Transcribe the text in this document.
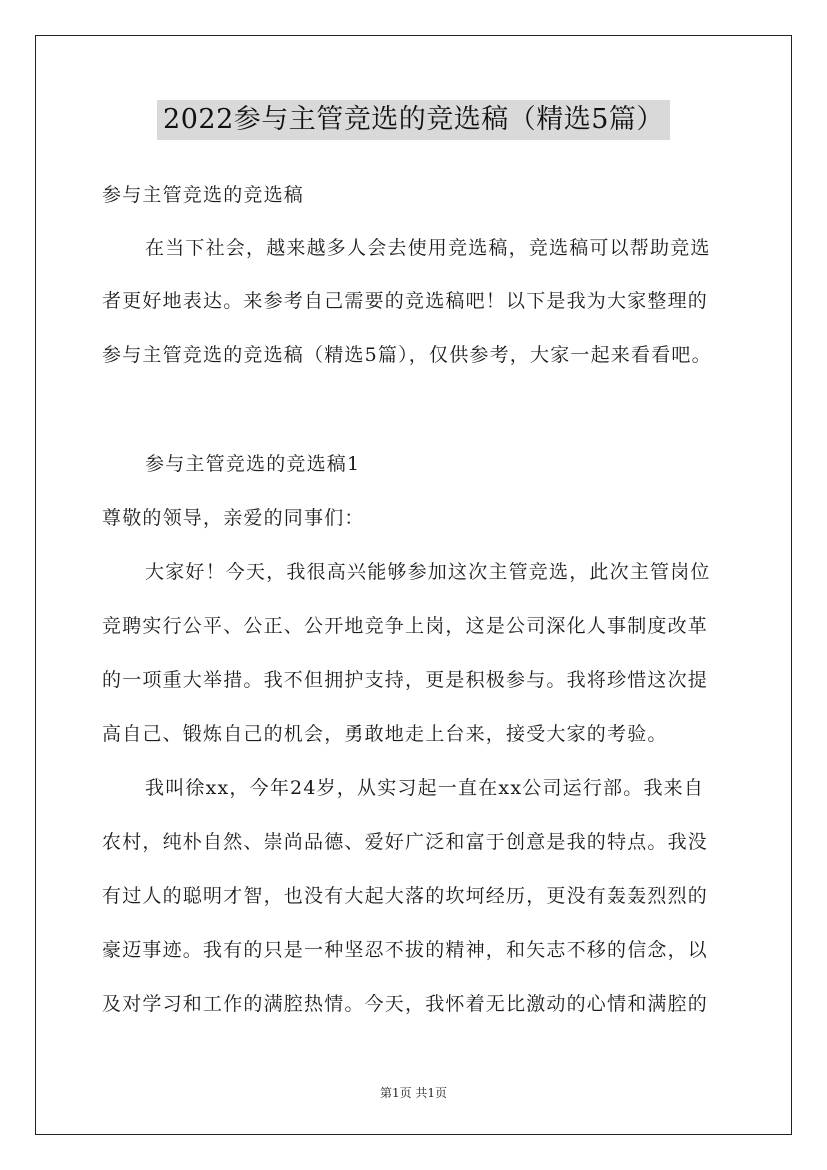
2022参与主管竞选的竞选稿（精选5篇）
参与主管竞选的竞选稿
在当下社会，越来越多人会去使用竞选稿，竞选稿可以帮助竞选
者更好地表达。来参考自己需要的竞选稿吧！以下是我为大家整理的
参与主管竞选的竞选稿（精选5篇），仅供参考，大家一起来看看吧。
参与主管竞选的竞选稿1
尊敬的领导，亲爱的同事们：
大家好！今天，我很高兴能够参加这次主管竞选，此次主管岗位
竞聘实行公平、公正、公开地竞争上岗，这是公司深化人事制度改革
的一项重大举措。我不但拥护支持，更是积极参与。我将珍惜这次提
高自己、锻炼自己的机会，勇敢地走上台来，接受大家的考验。
我叫徐xx，今年24岁，从实习起一直在xx公司运行部。我来自
农村，纯朴自然、崇尚品德、爱好广泛和富于创意是我的特点。我没
有过人的聪明才智，也没有大起大落的坎坷经历，更没有轰轰烈烈的
豪迈事迹。我有的只是一种坚忍不拔的精神，和矢志不移的信念，以
及对学习和工作的满腔热情。今天，我怀着无比激动的心情和满腔的
第1页 共1页
